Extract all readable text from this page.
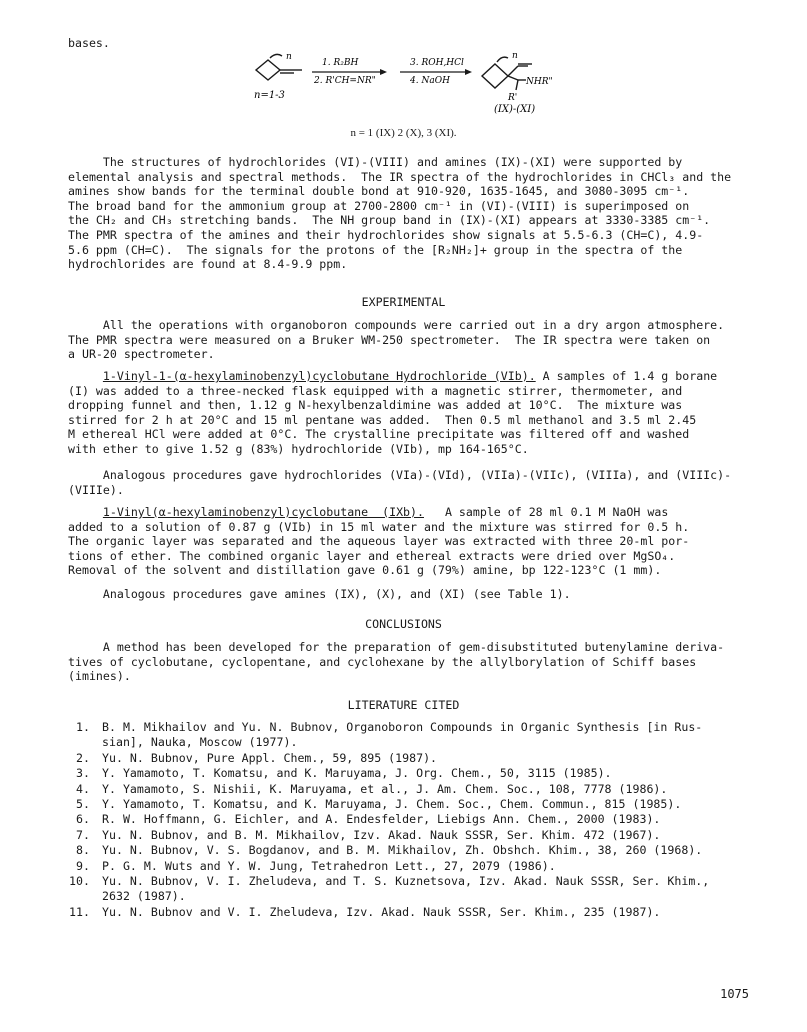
bases.
n
n=1-3
1. R₂BH
2. R'CH=NR"
3. ROH,HCl
4. NaOH
n
NHR"
R'
(IX)-(XI)
n = 1 (IX) 2 (X), 3 (XI).
The structures of hydrochlorides (VI)-(VIII) and amines (IX)-(XI) were supported by
elemental analysis and spectral methods.  The IR spectra of the hydrochlorides in CHCl₃ and the
amines show bands for the terminal double bond at 910-920, 1635-1645, and 3080-3095 cm⁻¹.
The broad band for the ammonium group at 2700-2800 cm⁻¹ in (VI)-(VIII) is superimposed on
the CH₂ and CH₃ stretching bands.  The NH group band in (IX)-(XI) appears at 3330-3385 cm⁻¹.
The PMR spectra of the amines and their hydrochlorides show signals at 5.5-6.3 (CH=C), 4.9-
5.6 ppm (CH=C).  The signals for the protons of the [R₂NH₂]+ group in the spectra of the
hydrochlorides are found at 8.4-9.9 ppm.
EXPERIMENTAL
All the operations with organoboron compounds were carried out in a dry argon atmosphere.
The PMR spectra were measured on a Bruker WM-250 spectrometer.  The IR spectra were taken on
a UR-20 spectrometer.
1-Vinyl-1-(α-hexylaminobenzyl)cyclobutane Hydrochloride (VIb). A samples of 1.4 g borane
(I) was added to a three-necked flask equipped with a magnetic stirrer, thermometer, and
dropping funnel and then, 1.12 g N-hexylbenzaldimine was added at 10°C.  The mixture was
stirred for 2 h at 20°C and 15 ml pentane was added.  Then 0.5 ml methanol and 3.5 ml 2.45
M ethereal HCl were added at 0°C. The crystalline precipitate was filtered off and washed
with ether to give 1.52 g (83%) hydrochloride (VIb), mp 164-165°C.
Analogous procedures gave hydrochlorides (VIa)-(VId), (VIIa)-(VIIc), (VIIIa), and (VIIIc)-
(VIIIe).
1-Vinyl(α-hexylaminobenzyl)cyclobutane  (IXb).   A sample of 28 ml 0.1 M NaOH was
added to a solution of 0.87 g (VIb) in 15 ml water and the mixture was stirred for 0.5 h.
The organic layer was separated and the aqueous layer was extracted with three 20-ml por-
tions of ether. The combined organic layer and ethereal extracts were dried over MgSO₄.
Removal of the solvent and distillation gave 0.61 g (79%) amine, bp 122-123°C (1 mm).
Analogous procedures gave amines (IX), (X), and (XI) (see Table 1).
CONCLUSIONS
A method has been developed for the preparation of gem-disubstituted butenylamine deriva-
tives of cyclobutane, cyclopentane, and cyclohexane by the allylborylation of Schiff bases
(imines).
LITERATURE CITED
1. B. M. Mikhailov and Yu. N. Bubnov, Organoboron Compounds in Organic Synthesis [in Rus-
sian], Nauka, Moscow (1977).
2. Yu. N. Bubnov, Pure Appl. Chem., 59, 895 (1987).
3. Y. Yamamoto, T. Komatsu, and K. Maruyama, J. Org. Chem., 50, 3115 (1985).
4. Y. Yamamoto, S. Nishii, K. Maruyama, et al., J. Am. Chem. Soc., 108, 7778 (1986).
5. Y. Yamamoto, T. Komatsu, and K. Maruyama, J. Chem. Soc., Chem. Commun., 815 (1985).
6. R. W. Hoffmann, G. Eichler, and A. Endesfelder, Liebigs Ann. Chem., 2000 (1983).
7. Yu. N. Bubnov, and B. M. Mikhailov, Izv. Akad. Nauk SSSR, Ser. Khim. 472 (1967).
8. Yu. N. Bubnov, V. S. Bogdanov, and B. M. Mikhailov, Zh. Obshch. Khim., 38, 260 (1968).
9. P. G. M. Wuts and Y. W. Jung, Tetrahedron Lett., 27, 2079 (1986).
10. Yu. N. Bubnov, V. I. Zheludeva, and T. S. Kuznetsova, Izv. Akad. Nauk SSSR, Ser. Khim.,
2632 (1987).
11. Yu. N. Bubnov and V. I. Zheludeva, Izv. Akad. Nauk SSSR, Ser. Khim., 235 (1987).
1075
